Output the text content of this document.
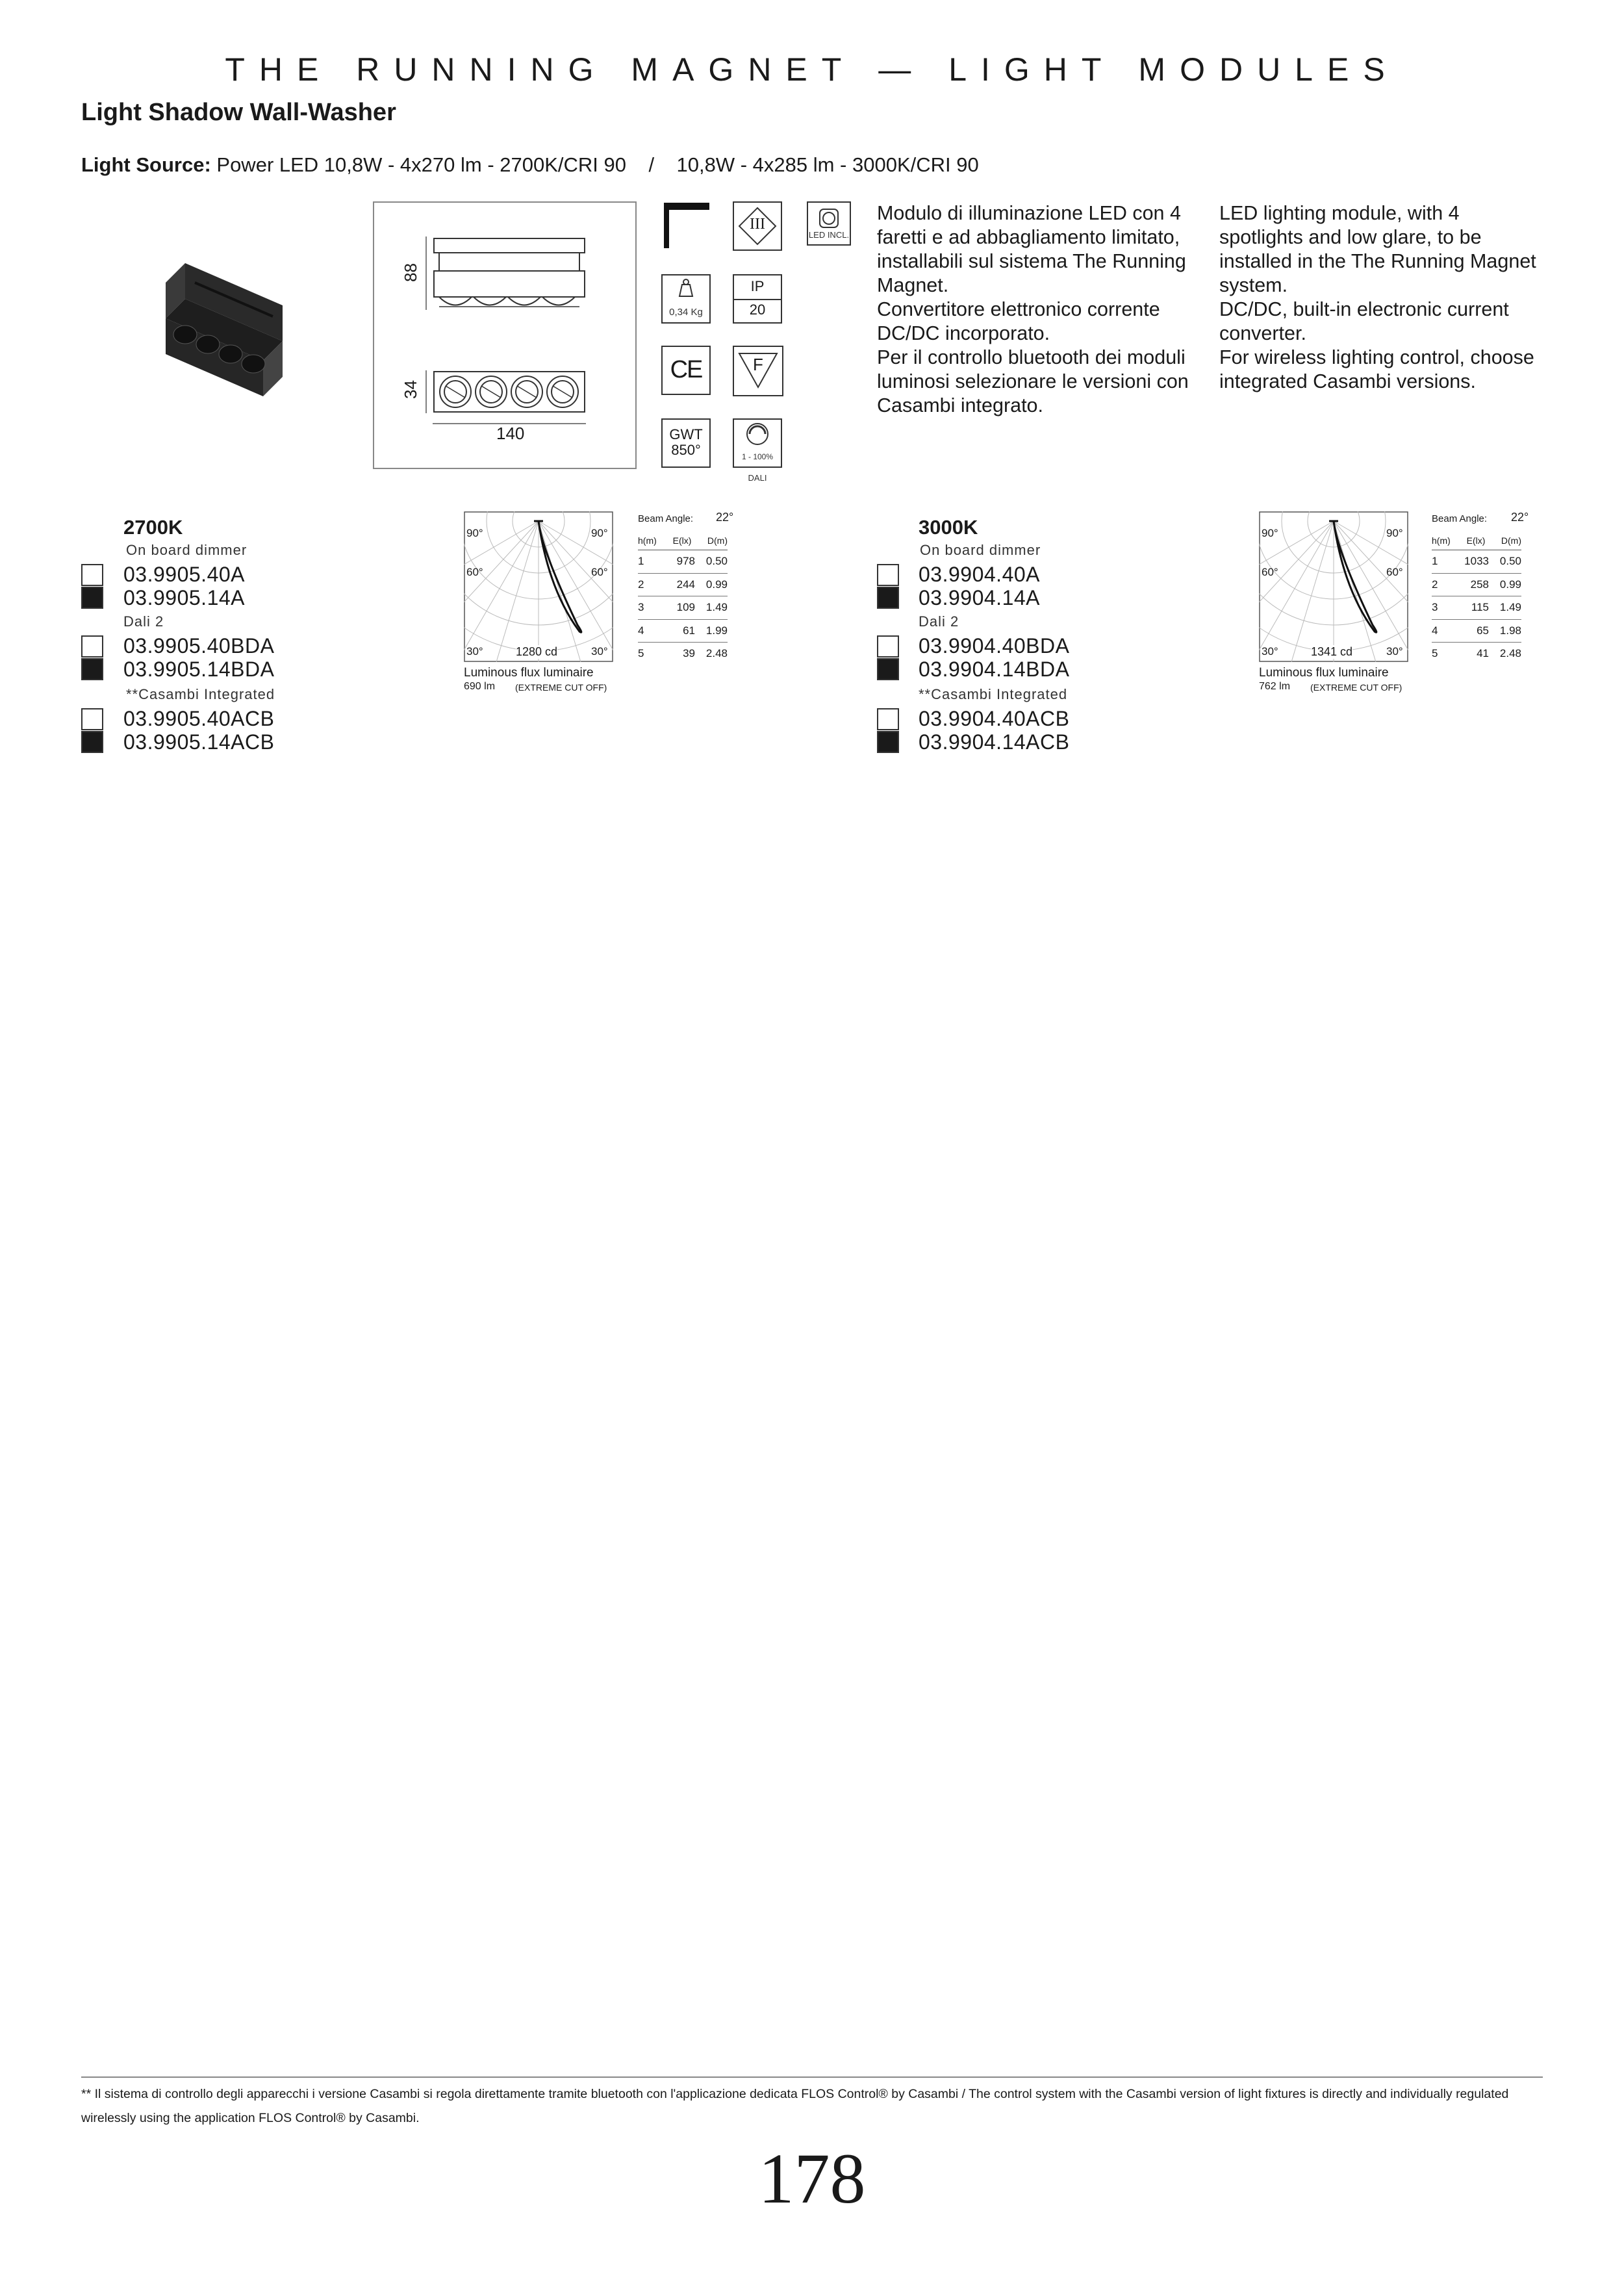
THE RUNNING MAGNET — LIGHT MODULES
Light Shadow Wall-Washer
Light Source: Power LED 10,8W - 4x270 lm - 2700K/CRI 90    /    10,8W - 4x285 lm - 3000K/CRI 90
88
34
140
III
LED INCL.
0,34 Kg
IP
20
CE	F
GWT
850°	1 - 100%
DALI
Modulo di illuminazione LED con 4
faretti e ad abbagliamento limitato,
installabili sul sistema The Running
Magnet.
Convertitore elettronico corrente
DC/DC incorporato.
Per il controllo bluetooth dei moduli
luminosi selezionare le versioni con
Casambi integrato.
LED lighting module, with 4
spotlights and low glare, to be
installed in the The Running Magnet
system.
DC/DC, built-in electronic current
converter.
For wireless lighting control, choose
integrated Casambi versions.
2700K
On board dimmer
03.9905.40A
03.9905.14A
Dali 2
03.9905.40BDA
03.9905.14BDA
**Casambi Integrated
03.9905.40ACB
03.9905.14ACB
90°	90°
60°	60°
30°	30°
1280 cd
Luminous flux luminaire
690 lm (EXTREME CUT OFF)
Beam Angle: 22°
h(m)	E(lx)	D(m)
1	978	0.50
2	244	0.99
3	109	1.49
4	61	1.99
5	39	2.48
3000K
On board dimmer
03.9904.40A
03.9904.14A
Dali 2
03.9904.40BDA
03.9904.14BDA
**Casambi Integrated
03.9904.40ACB
03.9904.14ACB
90°	90°
60°	60°
30°	30°
1341 cd
Luminous flux luminaire
762 lm (EXTREME CUT OFF)
Beam Angle: 22°
h(m)	E(lx)	D(m)
1	1033	0.50
2	258	0.99
3	115	1.49
4	65	1.98
5	41	2.48
** Il sistema di controllo degli apparecchi i versione Casambi si regola direttamente tramite bluetooth con l'applicazione dedicata FLOS Control® by Casambi / The control system with the Casambi version of light fixtures is directly and individually regulated wirelessly using the application FLOS Control® by Casambi.
178
